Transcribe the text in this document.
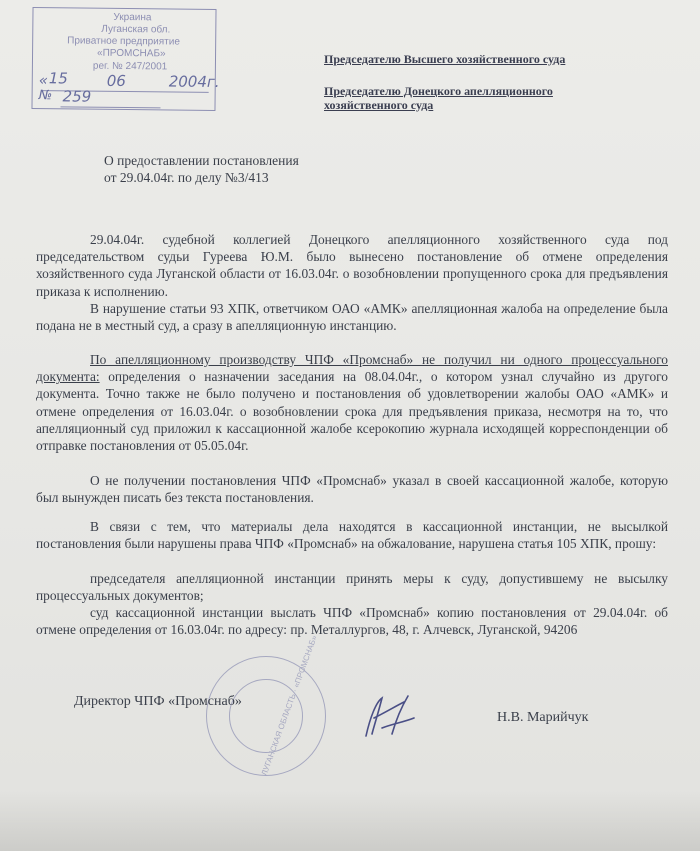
Украина
Луганская обл.
Приватное предприятие
«ПРОМСНАБ»
рег. № 247/2001
« 15	06	2004г.
№ 259
Председателю Высшего хозяйственного суда
Председателю Донецкого апелляционного
хозяйственного суда
О предоставлении постановления
от 29.04.04г. по делу №3/413
29.04.04г. судебной коллегией Донецкого апелляционного хозяйственного суда под председательством судьи Гуреева Ю.М. было вынесено постановление об отмене определения хозяйственного суда Луганской области от 16.03.04г. о возобновлении пропущенного срока для предъявления приказа к исполнению.
В нарушение статьи 93 ХПК, ответчиком ОАО «АМК» апелляционная жалоба на определение была подана не в местный суд, а сразу в апелляционную инстанцию.
По апелляционному производству ЧПФ «Промснаб» не получил ни одного процессуального документа: определения о назначении заседания на 08.04.04г., о котором узнал случайно из другого документа. Точно также не было получено и постановления об удовлетворении жалобы ОАО «АМК» и отмене определения от 16.03.04г. о возобновлении срока для предъявления приказа, несмотря на то, что апелляционный суд приложил к кассационной жалобе ксерокопию журнала исходящей корреспонденции об отправке постановления от 05.05.04г.
О не получении постановления ЧПФ «Промснаб» указал в своей кассационной жалобе, которую был вынужден писать без текста постановления.
В связи с тем, что материалы дела находятся в кассационной инстанции, не высылкой постановления были нарушены права ЧПФ «Промснаб» на обжалование, нарушена статья 105 ХПК, прошу:
председателя апелляционной инстанции принять меры к суду, допустившему не высылку процессуальных документов;
суд кассационной инстанции выслать ЧПФ «Промснаб» копию постановления от 29.04.04г. об отмене определения от 16.03.04г. по адресу: пр. Металлургов, 48, г. Алчевск, Луганской, 94206
ЛУГАНСКАЯ ОБЛАСТЬ · «ПРОМСНАБ»
Директор ЧПФ «Промснаб»
Н.В. Марийчук
